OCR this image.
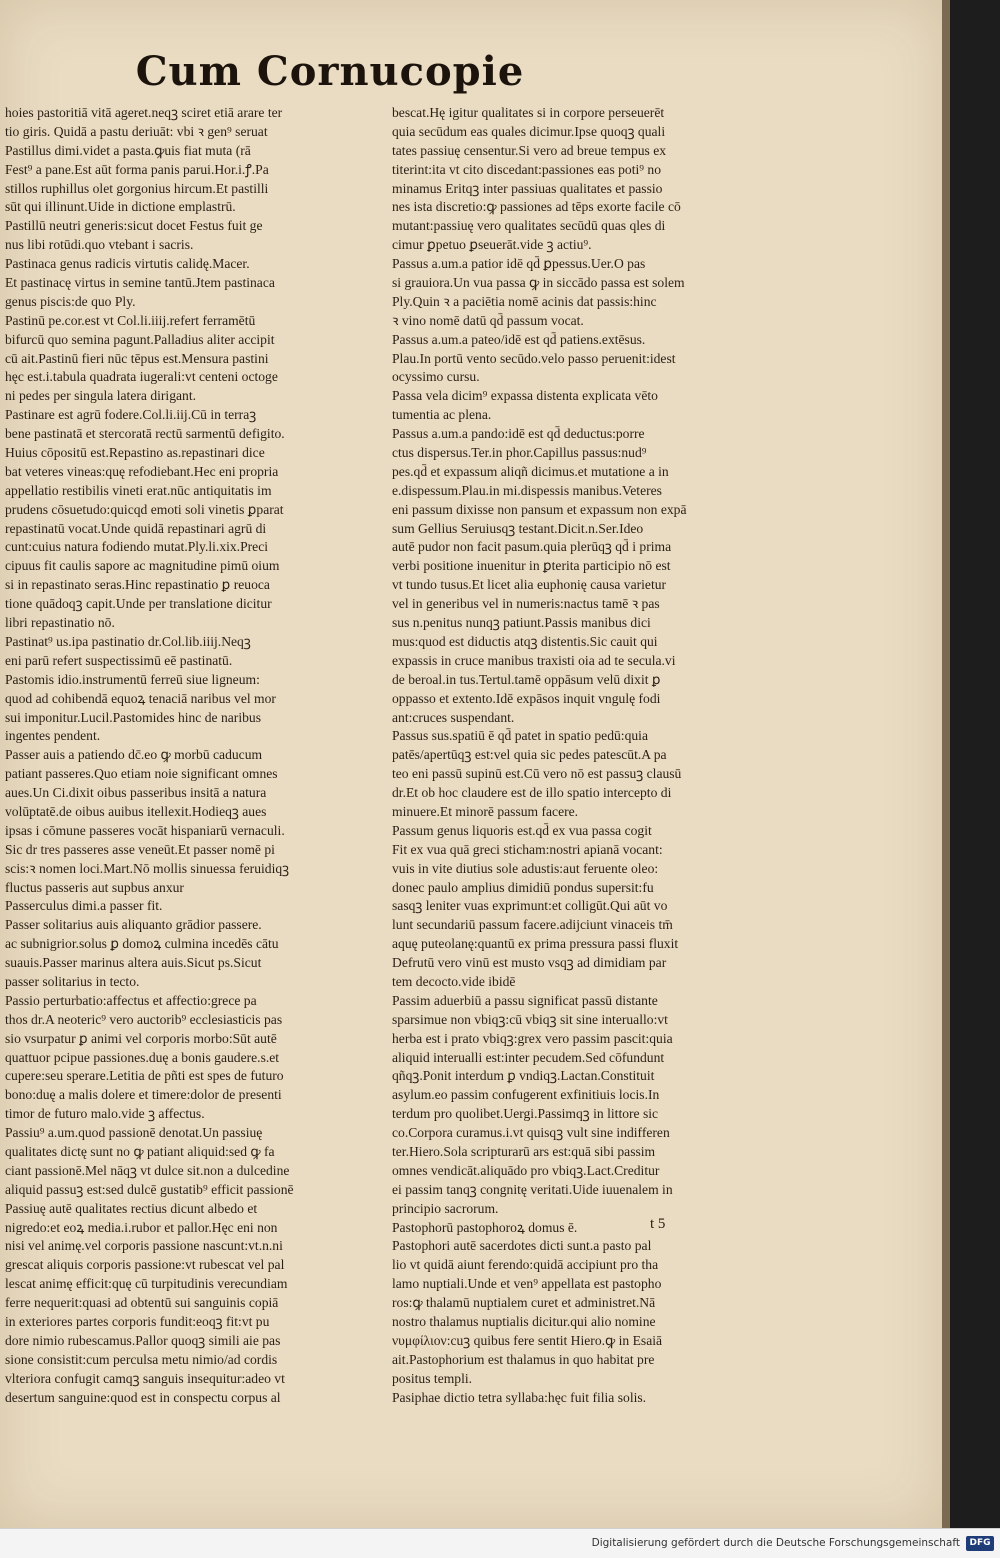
Cum Cornucopie
hoies pastoritiā vitā ageret.neqꝫ sciret etiā arare ter
tio giris. Quidā a pastu deriuāt: vbi ꝛ gen⁹ seruat
Pastillus dimi.videt a pasta.ꝙuis fiat muta (rā
Fest⁹ a pane.Est aūt forma panis parui.Hor.i.ꝭ.Pa
stillos ruphillus olet gorgonius hircum.Et pastilli
sūt qui illinunt.Uide in dictione emplastrū.
Pastillū neutri generis:sicut docet Festus fuit ge
nus libi rotūdi.quo vtebant i sacris.
Pastinaca genus radicis virtutis calidę.Macer.
Et pastinacę virtus in semine tantū.Jtem pastinaca
genus piscis:de quo Ply.
Pastinū pe.cor.est vt Col.li.iiij.refert ferramētū
bifurcū quo semina pagunt.Palladius aliter accipit
cū ait.Pastinū fieri nūc tēpus est.Mensura pastini
hęc est.i.tabula quadrata iugerali:vt centeni octoge
ni pedes per singula latera dirigant.
Pastinare est agrū fodere.Col.li.iij.Cū in terraꝫ
bene pastinatā et stercoratā rectū sarmentū defigito.
Huius cōpositū est.Repastino as.repastinari dice
bat veteres vineas:quę refodiebant.Hec eni propria
appellatio restibilis vineti erat.nūc antiquitatis im
prudens cōsuetudo:quicqd emoti soli vinetis ꝑparat
repastinatū vocat.Unde quidā repastinari agrū di
cunt:cuius natura fodiendo mutat.Ply.li.xix.Preci
cipuus fit caulis sapore ac magnitudine pimū oium
si in repastinato seras.Hinc repastinatio ꝑ reuoca
tione quādoqꝫ capit.Unde per translatione dicitur
libri repastinatio nō.
Pastinat⁹ us.ipa pastinatio dr.Col.lib.iiij.Neqꝫ
eni parū refert suspectissimū eē pastinatū.
Pastomis idio.instrumentū ferreū siue ligneum:
quod ad cohibendā equoꝝ tenaciā naribus vel mor
sui imponitur.Lucil.Pastomides hinc de naribus
ingentes pendent.
Passer auis a patiendo dc̄.eo ꝙ morbū caducum
patiant passeres.Quo etiam noie significant omnes
aues.Un Ci.dixit oibus passeribus insitā a natura
volūptatē.de oibus auibus itellexit.Hodieqꝫ aues
ipsas i cōmune passeres vocāt hispaniarū vernaculi.
Sic dr tres passeres asse veneūt.Et passer nomē pi
scis:ꝛ nomen loci.Mart.Nō mollis sinuessa feruidiqꝫ
fluctus passeris aut supbus anxur
Passerculus dimi.a passer fit.
Passer solitarius auis aliquanto grādior passere.
ac subnigrior.solus ꝑ domoꝝ culmina incedēs cātu
suauis.Passer marinus altera auis.Sicut ps.Sicut
passer solitarius in tecto.
Passio perturbatio:affectus et affectio:grece pa
thos dr.A neoteric⁹ vero auctorib⁹ ecclesiasticis pas
sio vsurpatur ꝑ animi vel corporis morbo:Sūt autē
quattuor pcipue passiones.duę a bonis gaudere.s.et
cupere:seu sperare.Letitia de pñti est spes de futuro
bono:duę a malis dolere et timere:dolor de presenti
timor de futuro malo.vide ꝫ affectus.
Passiu⁹ a.um.quod passionē denotat.Un passiuę
qualitates dictę sunt no ꝙ patiant aliquid:sed ꝙ fa
ciant passionē.Mel nāqꝫ vt dulce sit.non a dulcedine
aliquid passuꝫ est:sed dulcē gustatib⁹ efficit passionē
Passiuę autē qualitates rectius dicunt albedo et
nigredo:et eoꝝ media.i.rubor et pallor.Hęc eni non
nisi vel animę.vel corporis passione nascunt:vt.n.ni
grescat aliquis corporis passione:vt rubescat vel pal
lescat animę efficit:quę cū turpitudinis verecundiam
ferre nequerit:quasi ad obtentū sui sanguinis copiā
in exteriores partes corporis fundit:eoqꝫ fit:vt pu
dore nimio rubescamus.Pallor quoqꝫ simili aie pas
sione consistit:cum perculsa metu nimio/ad cordis
vlteriora confugit camqꝫ sanguis insequitur:adeo vt
desertum sanguine:quod est in conspectu corpus al
bescat.Hę igitur qualitates si in corpore perseuerēt
quia secūdum eas quales dicimur.Ipse quoqꝫ quali
tates passiuę censentur.Si vero ad breue tempus ex
titerint:ita vt cito discedant:passiones eas poti⁹ no
minamus Eritqꝫ inter passiuas qualitates et passio
nes ista discretio:ꝙ passiones ad tēps exorte facile cō
mutant:passiuę vero qualitates secūdū quas qles di
cimur ꝑpetuo ꝑseuerāt.vide ꝫ actiu⁹.
Passus a.um.a patior idē qd̄ ꝑpessus.Uer.O pas
si grauiora.Un vua passa ꝙ in siccādo passa est solem
Ply.Quin ꝛ a paciētia nomē acinis dat passis:hinc
ꝛ vino nomē datū qd̄ passum vocat.
Passus a.um.a pateo/idē est qd̄ patiens.extēsus.
Plau.In portū vento secūdo.velo passo peruenit:idest
ocyssimo cursu.
Passa vela dicim⁹ expassa distenta explicata vēto
tumentia ac plena.
Passus a.um.a pando:idē est qd̄ deductus:porre
ctus dispersus.Ter.in phor.Capillus passus:nud⁹
pes.qd̄ et expassum aliqñ dicimus.et mutatione a in
e.dispessum.Plau.in mi.dispessis manibus.Veteres
eni passum dixisse non pansum et expassum non expā
sum Gellius Seruiusqꝫ testant.Dicit.n.Ser.Ideo
autē pudor non facit pasum.quia plerūqꝫ qd̄ i prima
verbi positione inuenitur in ꝑterita participio nō est
vt tundo tusus.Et licet alia euphonię causa varietur
vel in generibus vel in numeris:nactus tamē ꝛ pas
sus n.penitus nunqꝫ patiunt.Passis manibus dici
mus:quod est diductis atqꝫ distentis.Sic cauit qui
expassis in cruce manibus traxisti oia ad te secula.vi
de beroal.in tus.Tertul.tamē oppāsum velū dixit ꝑ
oppasso et extento.Idē expāsos inquit vngulę fodi
ant:cruces suspendant.
Passus sus.spatiū ē qd̄ patet in spatio pedū:quia
patēs/apertūqꝫ est:vel quia sic pedes patescūt.A pa
teo eni passū supinū est.Cū vero nō est passuꝫ clausū
dr.Et ob hoc claudere est de illo spatio intercepto di
minuere.Et minorē passum facere.
Passum genus liquoris est.qd̄ ex vua passa cogit
Fit ex vua quā greci sticham:nostri apianā vocant:
vuis in vite diutius sole adustis:aut feruente oleo:
donec paulo amplius dimidiū pondus supersit:fu
sasqꝫ leniter vuas exprimunt:et colligūt.Qui aūt vo
lunt secundariū passum facere.adijciunt vinaceis tm̄
aquę puteolanę:quantū ex prima pressura passi fluxit
Defrutū vero vinū est musto vsqꝫ ad dimidiam par
tem decocto.vide ibidē
Passim aduerbiū a passu significat passū distante
sparsimue non vbiqꝫ:cū vbiqꝫ sit sine interuallo:vt
herba est i prato vbiqꝫ:grex vero passim pascit:quia
aliquid interualli est:inter pecudem.Sed cōfundunt
qñqꝫ.Ponit interdum ꝑ vndiqꝫ.Lactan.Constituit
asylum.eo passim confugerent exfinitiuis locis.In
terdum pro quolibet.Uergi.Passimqꝫ in littore sic
co.Corpora curamus.i.vt quisqꝫ vult sine indifferen
ter.Hiero.Sola scripturarū ars est:quā sibi passim
omnes vendicāt.aliquādo pro vbiqꝫ.Lact.Creditur
ei passim tanqꝫ congnitę veritati.Uide iuuenalem in
principio sacrorum.
Pastophorū pastophoroꝝ domus ē.
Pastophori autē sacerdotes dicti sunt.a pasto pal
lio vt quidā aiunt ferendo:quidā accipiunt pro tha
lamo nuptiali.Unde et ven⁹ appellata est pastopho
ros:ꝙ thalamū nuptialem curet et administret.Nā
nostro thalamus nuptialis dicitur.qui alio nomine
νυμφίλιον:cuꝫ quibus fere sentit Hiero.ꝙ in Esaiā
ait.Pastophorium est thalamus in quo habitat pre
positus templi.
Pasiphae dictio tetra syllaba:hęc fuit filia solis.
t 5
Digitalisierung gefördert durch die Deutsche Forschungsgemeinschaft	DFG
